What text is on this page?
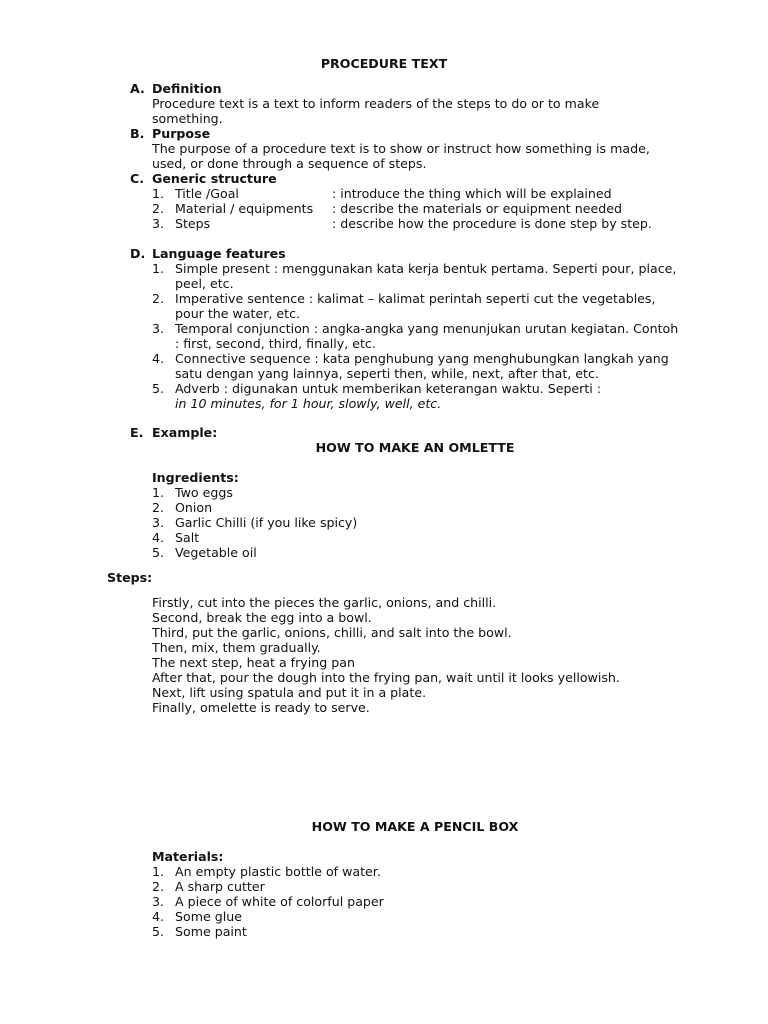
PROCEDURE TEXT
A. Definition
Procedure text is a text to inform readers of the steps to do or to make something.
B. Purpose
The purpose of a procedure text is to show or instruct how something is made, used, or done through a sequence of steps.
C. Generic structure
1. Title /Goal	: introduce the thing which will be explained
2. Material / equipments : describe the materials or equipment needed
3. Steps	: describe how the procedure is done step by step.
D. Language features
1. Simple present : menggunakan kata kerja bentuk pertama. Seperti pour, place, peel, etc.
2. Imperative sentence : kalimat – kalimat perintah seperti cut the vegetables, pour the water, etc.
3. Temporal conjunction : angka-angka yang menunjukan urutan kegiatan. Contoh : first, second, third, finally, etc.
4. Connective sequence : kata penghubung yang menghubungkan langkah yang satu dengan yang lainnya, seperti then, while, next, after that, etc.
5. Adverb : digunakan untuk memberikan keterangan waktu. Seperti :
in 10 minutes, for 1 hour, slowly, well, etc.
E. Example:
HOW TO MAKE AN OMLETTE
Ingredients:
1. Two eggs
2. Onion
3. Garlic Chilli (if you like spicy)
4. Salt
5. Vegetable oil
Steps:
Firstly, cut into the pieces the garlic, onions, and chilli.
Second, break the egg into a bowl.
Third, put the garlic, onions, chilli, and salt into the bowl.
Then, mix, them gradually.
The next step, heat a frying pan
After that, pour the dough into the frying pan, wait until it looks yellowish.
Next, lift using spatula and put it in a plate.
Finally, omelette is ready to serve.
HOW TO MAKE A PENCIL BOX
Materials:
1. An empty plastic bottle of water.
2. A sharp cutter
3. A piece of white of colorful paper
4. Some glue
5. Some paint
